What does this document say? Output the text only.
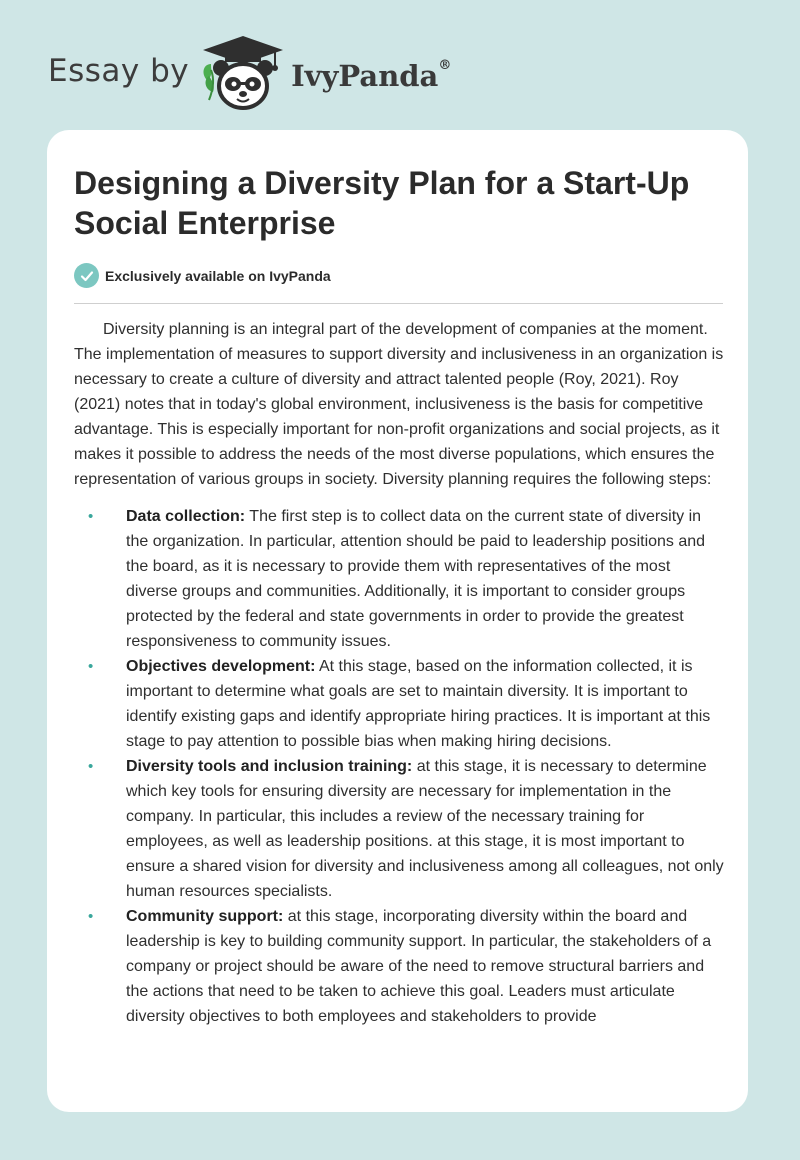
Essay by	IvyPanda®
Designing a Diversity Plan for a Start-Up Social Enterprise
Exclusively available on IvyPanda

Diversity planning is an integral part of the development of companies at the moment. The implementation of measures to support diversity and inclusiveness in an organization is necessary to create a culture of diversity and attract talented people (Roy, 2021). Roy (2021) notes that in today's global environment, inclusiveness is the basis for competitive advantage. This is especially important for non-profit organizations and social projects, as it makes it possible to address the needs of the most diverse populations, which ensures the representation of various groups in society. Diversity planning requires the following steps:

• Data collection: The first step is to collect data on the current state of diversity in the organization. In particular, attention should be paid to leadership positions and the board, as it is necessary to provide them with representatives of the most diverse groups and communities. Additionally, it is important to consider groups protected by the federal and state governments in order to provide the greatest responsiveness to community issues.
• Objectives development: At this stage, based on the information collected, it is important to determine what goals are set to maintain diversity. It is important to identify existing gaps and identify appropriate hiring practices. It is important at this stage to pay attention to possible bias when making hiring decisions.
• Diversity tools and inclusion training: at this stage, it is necessary to determine which key tools for ensuring diversity are necessary for implementation in the company. In particular, this includes a review of the necessary training for employees, as well as leadership positions. at this stage, it is most important to ensure a shared vision for diversity and inclusiveness among all colleagues, not only human resources specialists.
• Community support: at this stage, incorporating diversity within the board and leadership is key to building community support. In particular, the stakeholders of a company or project should be aware of the need to remove structural barriers and the actions that need to be taken to achieve this goal. Leaders must articulate diversity objectives to both employees and stakeholders to provide
